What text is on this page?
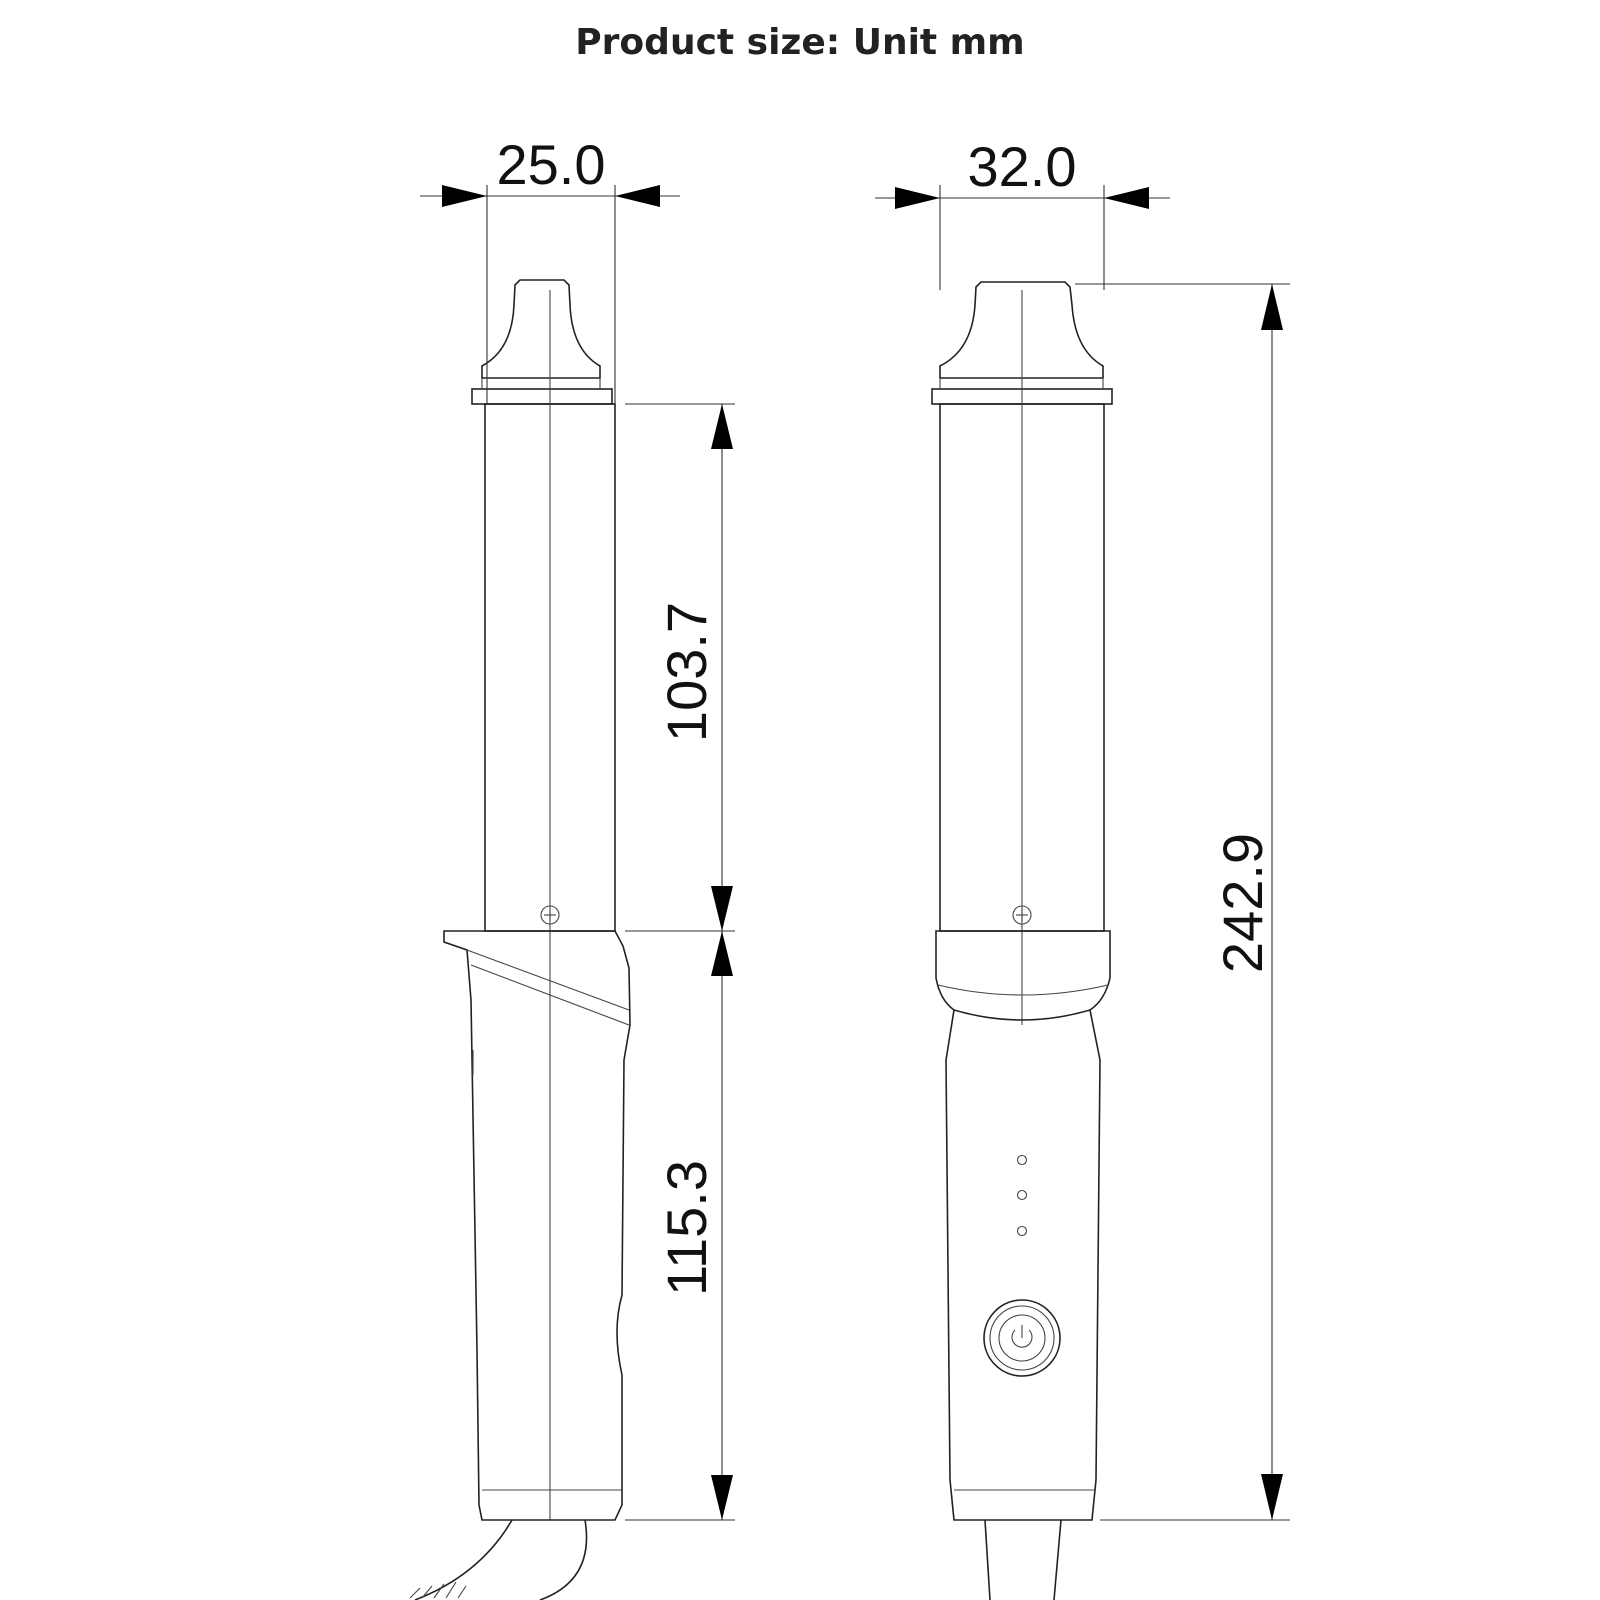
Product size: Unit mm
25.0	32.0
103.7
115.3
242.9
